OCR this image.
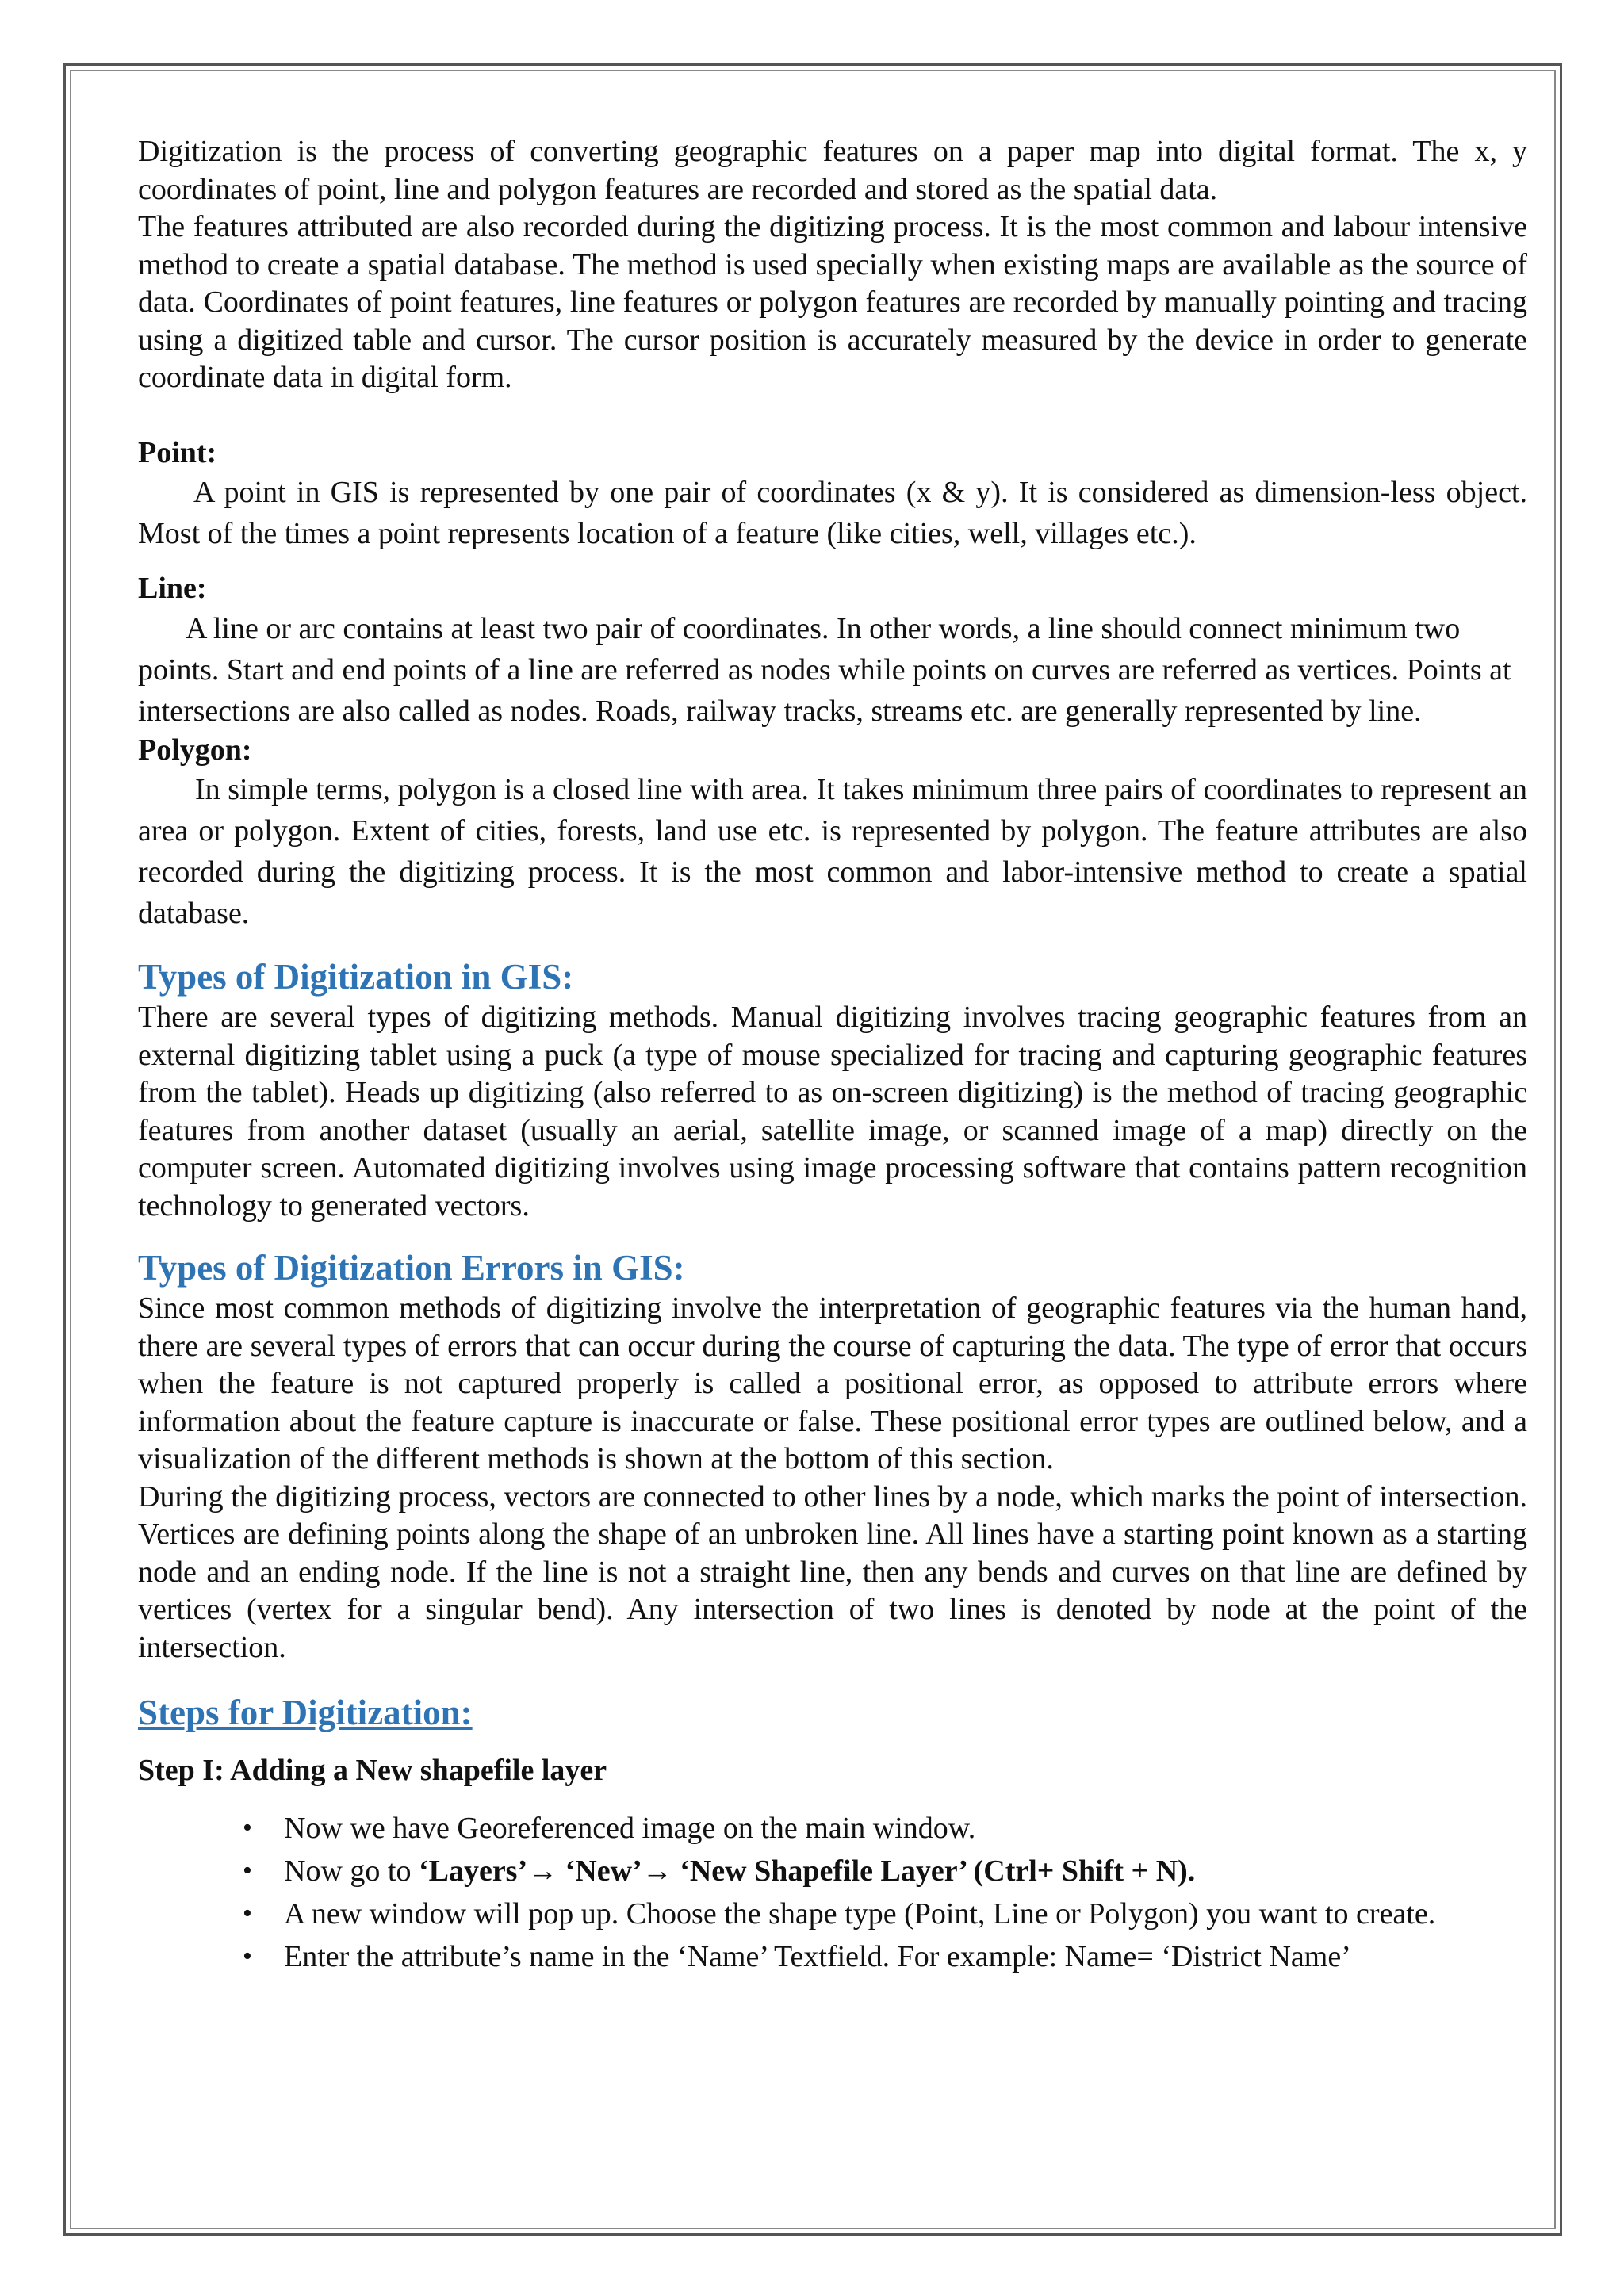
Digitization is the process of converting geographic features on a paper map into digital format. The x, y coordinates of point, line and polygon features are recorded and stored as the spatial data.

The features attributed are also recorded during the digitizing process. It is the most common and labour intensive method to create a spatial database. The method is used specially when existing maps are available as the source of data. Coordinates of point features, line features or polygon features are recorded by manually pointing and tracing using a digitized table and cursor. The cursor position is accurately measured by the device in order to generate coordinate data in digital form.

Point:

A point in GIS is represented by one pair of coordinates (x & y). It is considered as dimension-less object. Most of the times a point represents location of a feature (like cities, well, villages etc.).

Line:

A line or arc contains at least two pair of coordinates. In other words, a line should connect minimum two points. Start and end points of a line are referred as nodes while points on curves are referred as vertices. Points at intersections are also called as nodes. Roads, railway tracks, streams etc. are generally represented by line.

Polygon:

In simple terms, polygon is a closed line with area. It takes minimum three pairs of coordinates to represent an area or polygon. Extent of cities, forests, land use etc. is represented by polygon. The feature attributes are also recorded during the digitizing process. It is the most common and labor-intensive method to create a spatial database.

Types of Digitization in GIS:

There are several types of digitizing methods. Manual digitizing involves tracing geographic features from an external digitizing tablet using a puck (a type of mouse specialized for tracing and capturing geographic features from the tablet). Heads up digitizing (also referred to as on-screen digitizing) is the method of tracing geographic features from another dataset (usually an aerial, satellite image, or scanned image of a map) directly on the computer screen. Automated digitizing involves using image processing software that contains pattern recognition technology to generated vectors.

Types of Digitization Errors in GIS:

Since most common methods of digitizing involve the interpretation of geographic features via the human hand, there are several types of errors that can occur during the course of capturing the data. The type of error that occurs when the feature is not captured properly is called a positional error, as opposed to attribute errors where information about the feature capture is inaccurate or false. These positional error types are outlined below, and a visualization of the different methods is shown at the bottom of this section.

During the digitizing process, vectors are connected to other lines by a node, which marks the point of intersection. Vertices are defining points along the shape of an unbroken line. All lines have a starting point known as a starting node and an ending node. If the line is not a straight line, then any bends and curves on that line are defined by vertices (vertex for a singular bend). Any intersection of two lines is denoted by node at the point of the intersection.

Steps for Digitization:

Step I: Adding a New shapefile layer

• Now we have Georeferenced image on the main window.
• Now go to ‘Layers’→ ‘New’→ ‘New Shapefile Layer’ (Ctrl+ Shift + N).
• A new window will pop up. Choose the shape type (Point, Line or Polygon) you want to create.
• Enter the attribute’s name in the ‘Name’ Textfield. For example: Name= ‘District Name’
